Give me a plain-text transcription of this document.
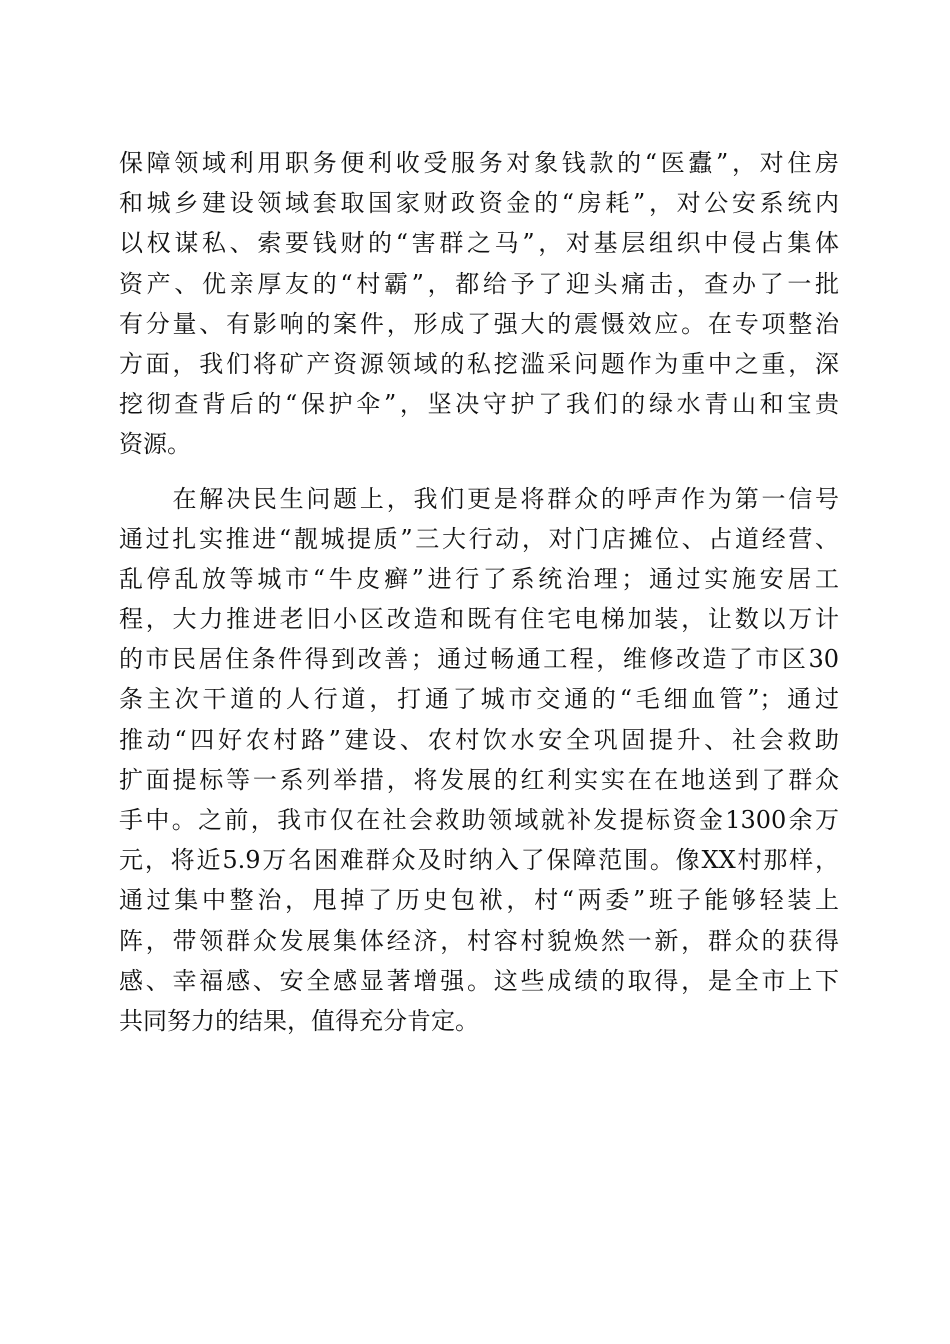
保障领域利用职务便利收受服务对象钱款的“医蠹”，对住房
和城乡建设领域套取国家财政资金的“房耗”，对公安系统内
以权谋私、索要钱财的“害群之马”，对基层组织中侵占集体
资产、优亲厚友的“村霸”，都给予了迎头痛击，查办了一批
有分量、有影响的案件，形成了强大的震慑效应。在专项整治
方面，我们将矿产资源领域的私挖滥采问题作为重中之重，深
挖彻查背后的“保护伞”，坚决守护了我们的绿水青山和宝贵
资源。
　　在解决民生问题上，我们更是将群众的呼声作为第一信号
通过扎实推进“靓城提质”三大行动，对门店摊位、占道经营、
乱停乱放等城市“牛皮癣”进行了系统治理；通过实施安居工
程，大力推进老旧小区改造和既有住宅电梯加装，让数以万计
的市民居住条件得到改善；通过畅通工程，维修改造了市区30
条主次干道的人行道，打通了城市交通的“毛细血管”；通过
推动“四好农村路”建设、农村饮水安全巩固提升、社会救助
扩面提标等一系列举措，将发展的红利实实在在地送到了群众
手中。之前，我市仅在社会救助领域就补发提标资金1300余万
元，将近5.9万名困难群众及时纳入了保障范围。像XX村那样，
通过集中整治，甩掉了历史包袱，村“两委”班子能够轻装上
阵，带领群众发展集体经济，村容村貌焕然一新，群众的获得
感、幸福感、安全感显著增强。这些成绩的取得，是全市上下
共同努力的结果，值得充分肯定。
